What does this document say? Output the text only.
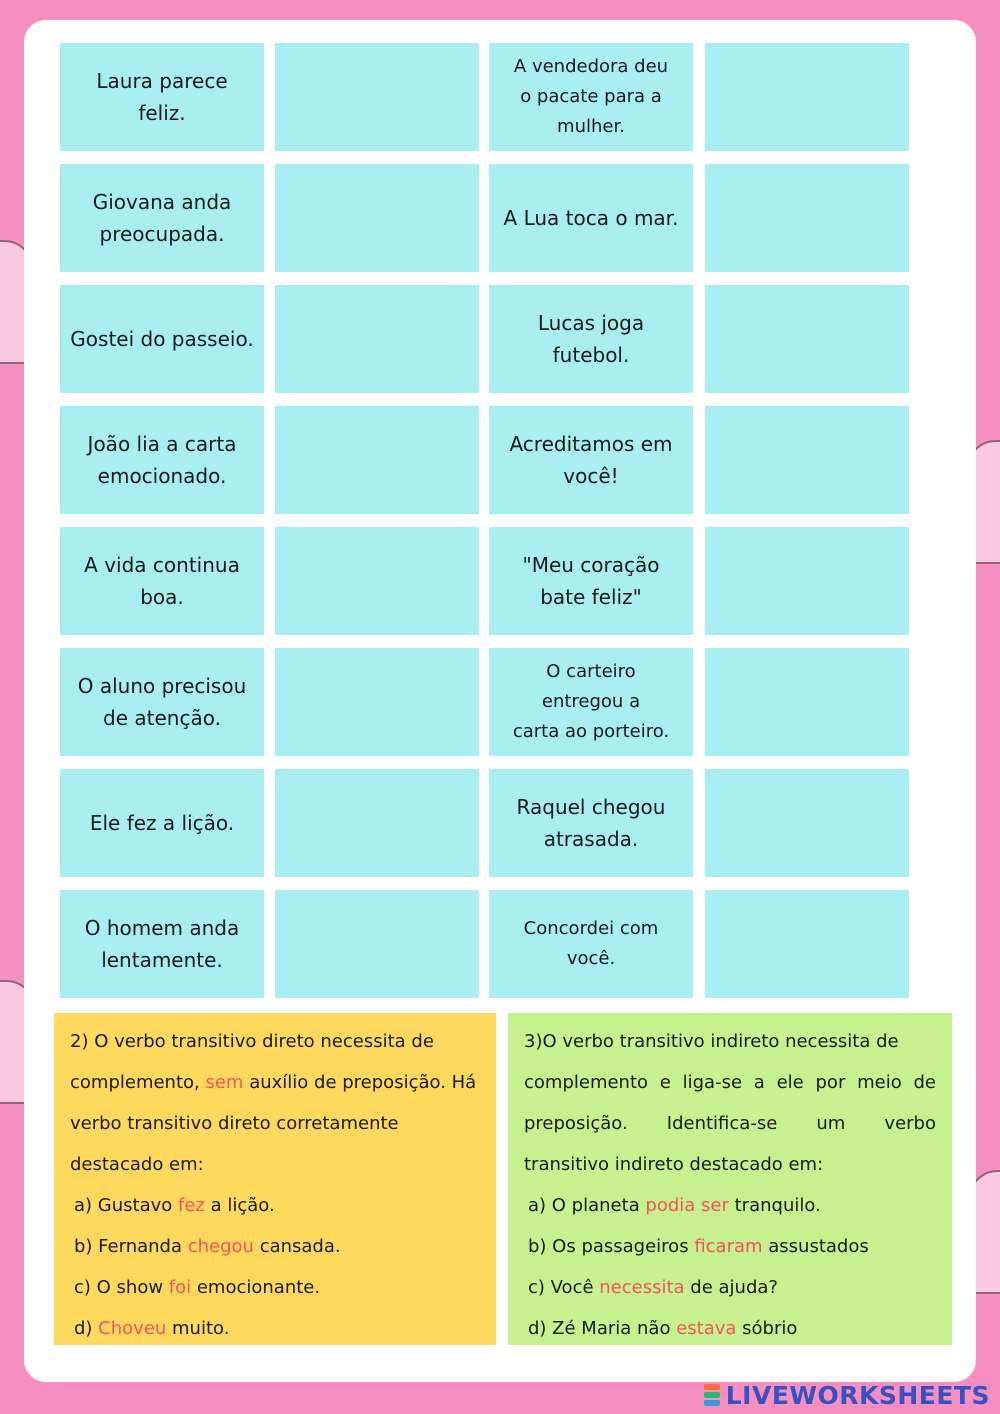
Laura parece
feliz.
Giovana anda
preocupada.
Gostei do passeio.
João lia a carta
emocionado.
A vida continua
boa.
O aluno precisou
de atenção.
Ele fez a lição.
O homem anda
lentamente.
A vendedora deu
o pacate para a
mulher.
A Lua toca o mar.
Lucas joga
futebol.
Acreditamos em
você!
"Meu coração
bate feliz"
O carteiro
entregou a
carta ao porteiro.
Raquel chegou
atrasada.
Concordei com
você.
2) O verbo transitivo direto necessita de
complemento, sem auxílio de preposição. Há
verbo transitivo direto corretamente
destacado em:
a) Gustavo fez a lição.
b) Fernanda chegou cansada.
c) O show foi emocionante.
d) Choveu muito.
3)O verbo transitivo indireto necessita de
complemento e liga-se a ele por meio de
preposição. Identifica-se um verbo
transitivo indireto destacado em:
a) O planeta podia ser tranquilo.
b) Os passageiros ficaram assustados
c) Você necessita de ajuda?
d) Zé Maria não estava sóbrio
LIVEWORKSHEETS
